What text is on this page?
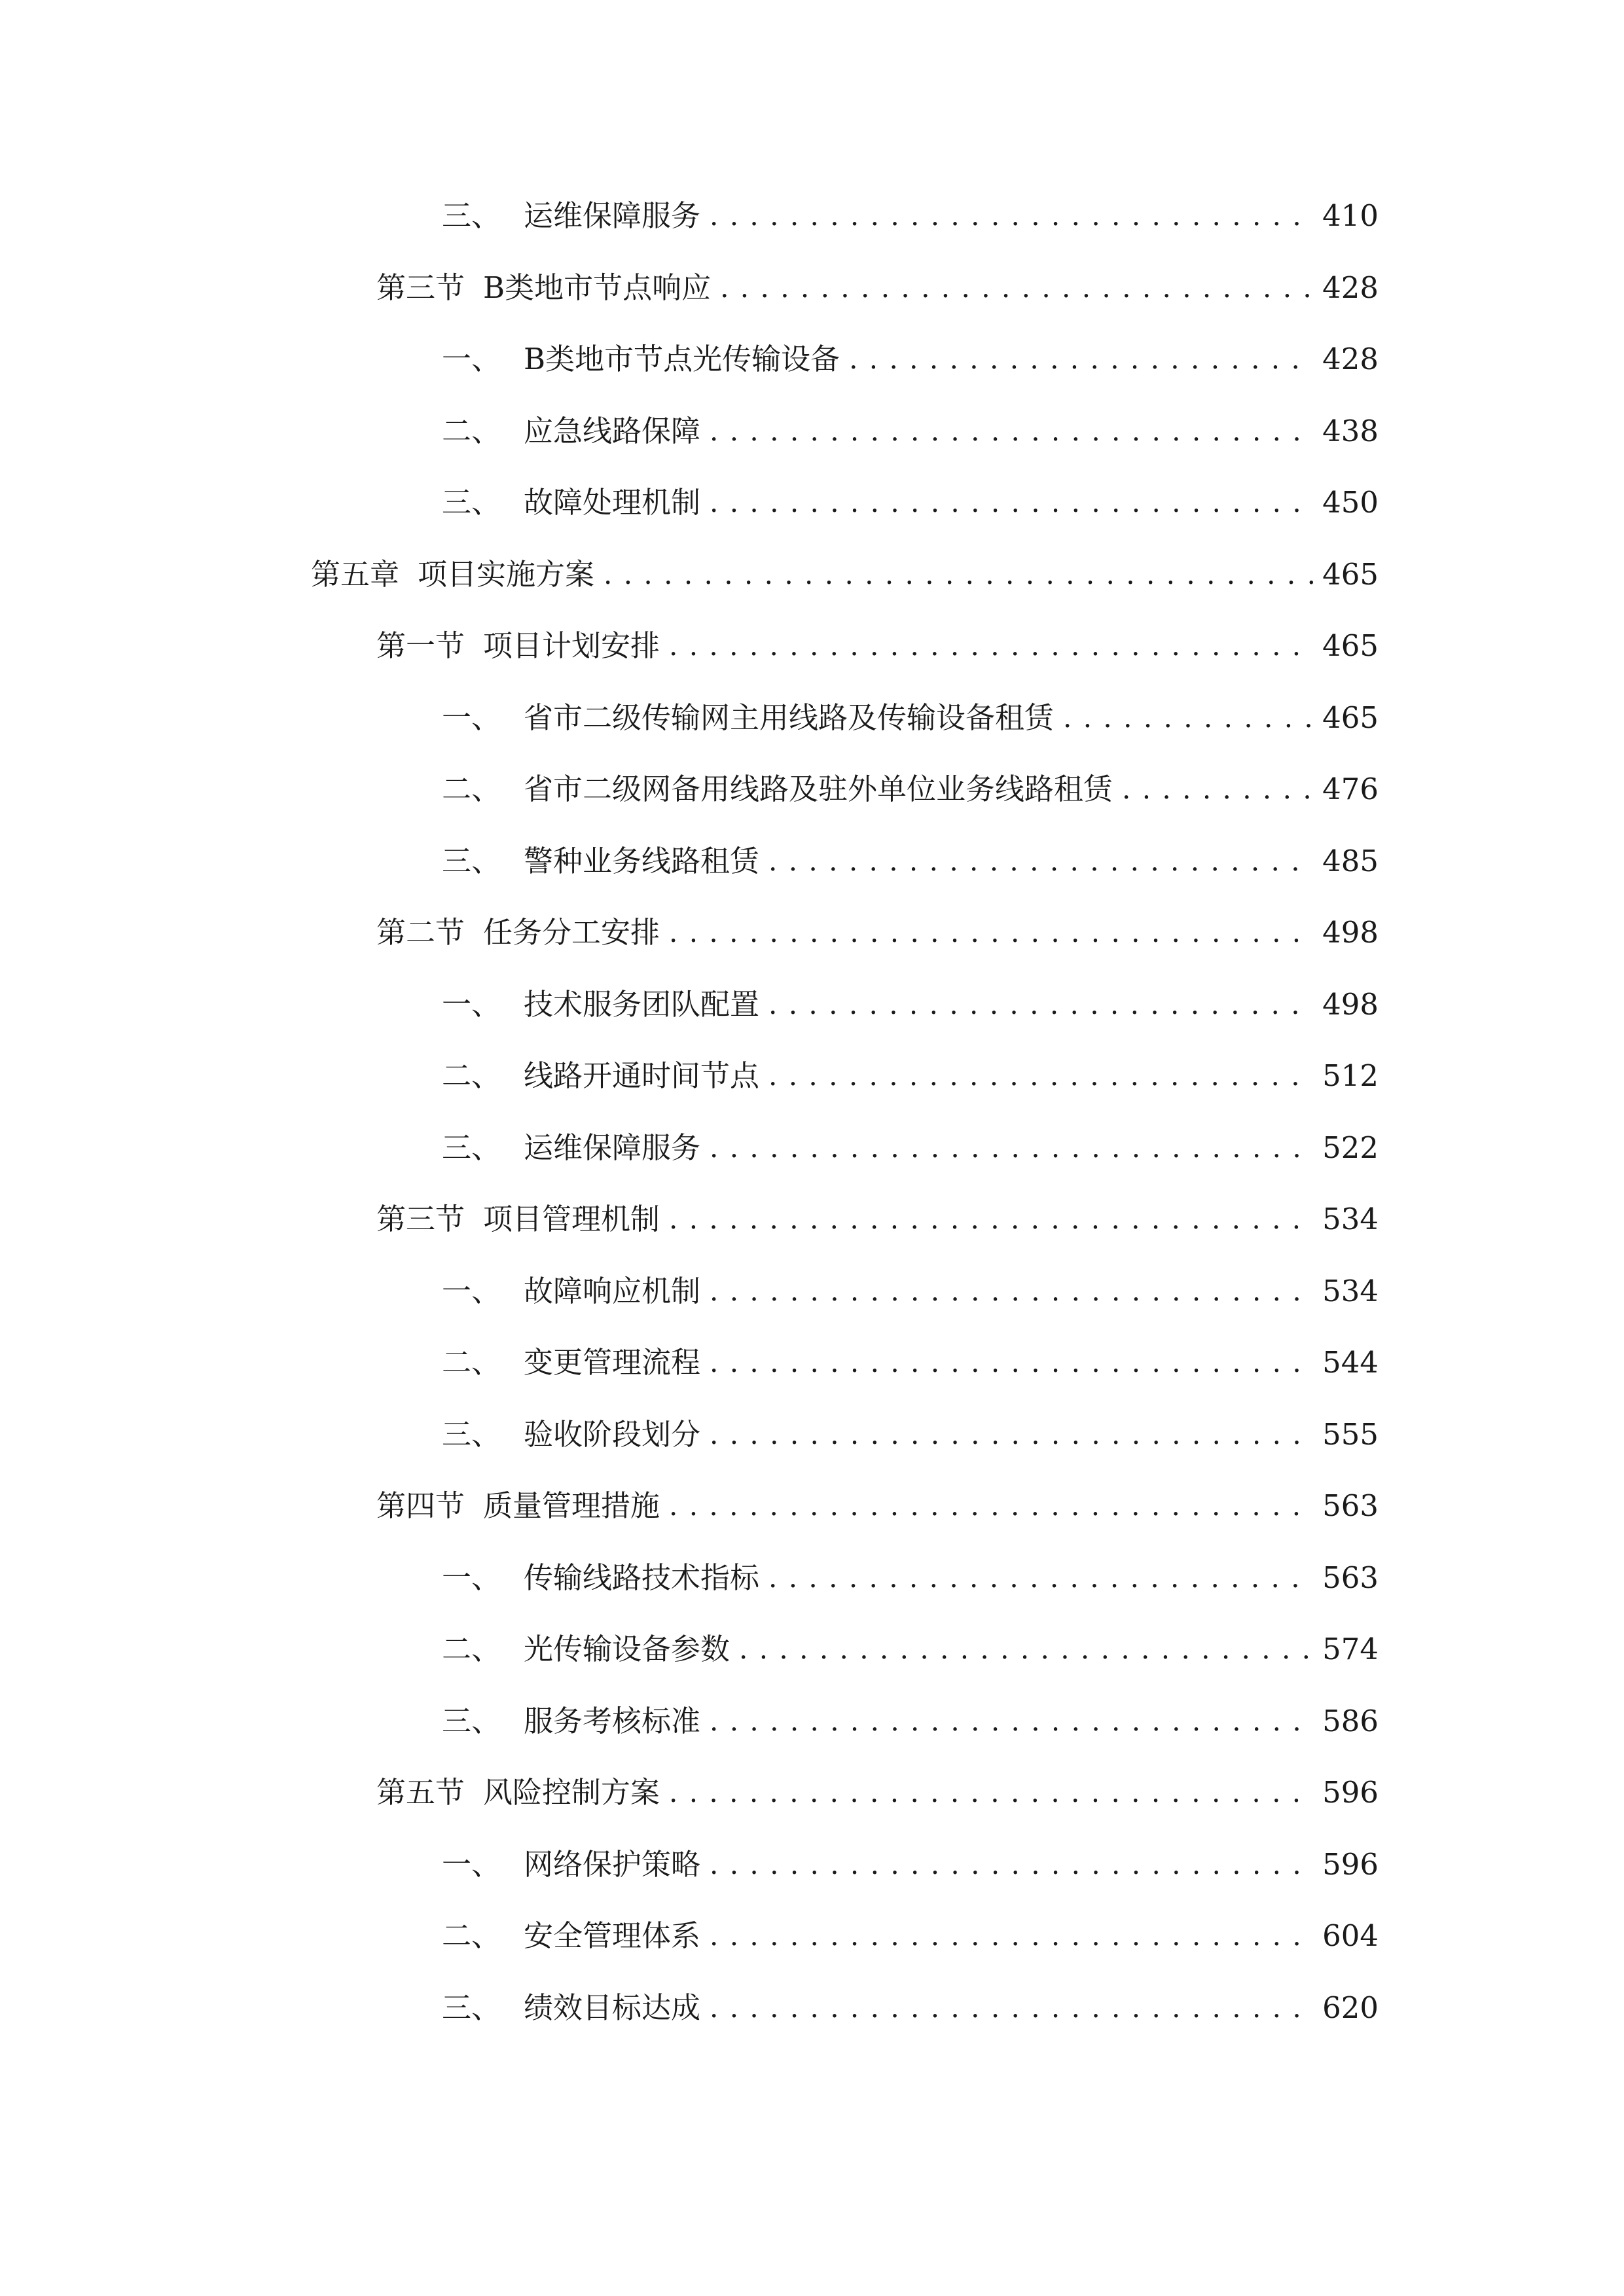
三、 运维保障服务 . . .	410
第三节 B类地市节点响应 . . .	428
一、 B类地市节点光传输设备 . . .	428
二、 应急线路保障 . . .	438
三、 故障处理机制 . . .	450
第五章 项目实施方案 . . .	465
第一节 项目计划安排 . . .	465
一、 省市二级传输网主用线路及传输设备租赁 . . .	465
二、 省市二级网备用线路及驻外单位业务线路租赁 . . .	476
三、 警种业务线路租赁 . . .	485
第二节 任务分工安排 . . .	498
一、 技术服务团队配置 . . .	498
二、 线路开通时间节点 . . .	512
三、 运维保障服务 . . .	522
第三节 项目管理机制 . . .	534
一、 故障响应机制 . . .	534
二、 变更管理流程 . . .	544
三、 验收阶段划分 . . .	555
第四节 质量管理措施 . . .	563
一、 传输线路技术指标 . . .	563
二、 光传输设备参数 . . .	574
三、 服务考核标准 . . .	586
第五节 风险控制方案 . . .	596
一、 网络保护策略 . . .	596
二、 安全管理体系 . . .	604
三、 绩效目标达成 . . .	620
